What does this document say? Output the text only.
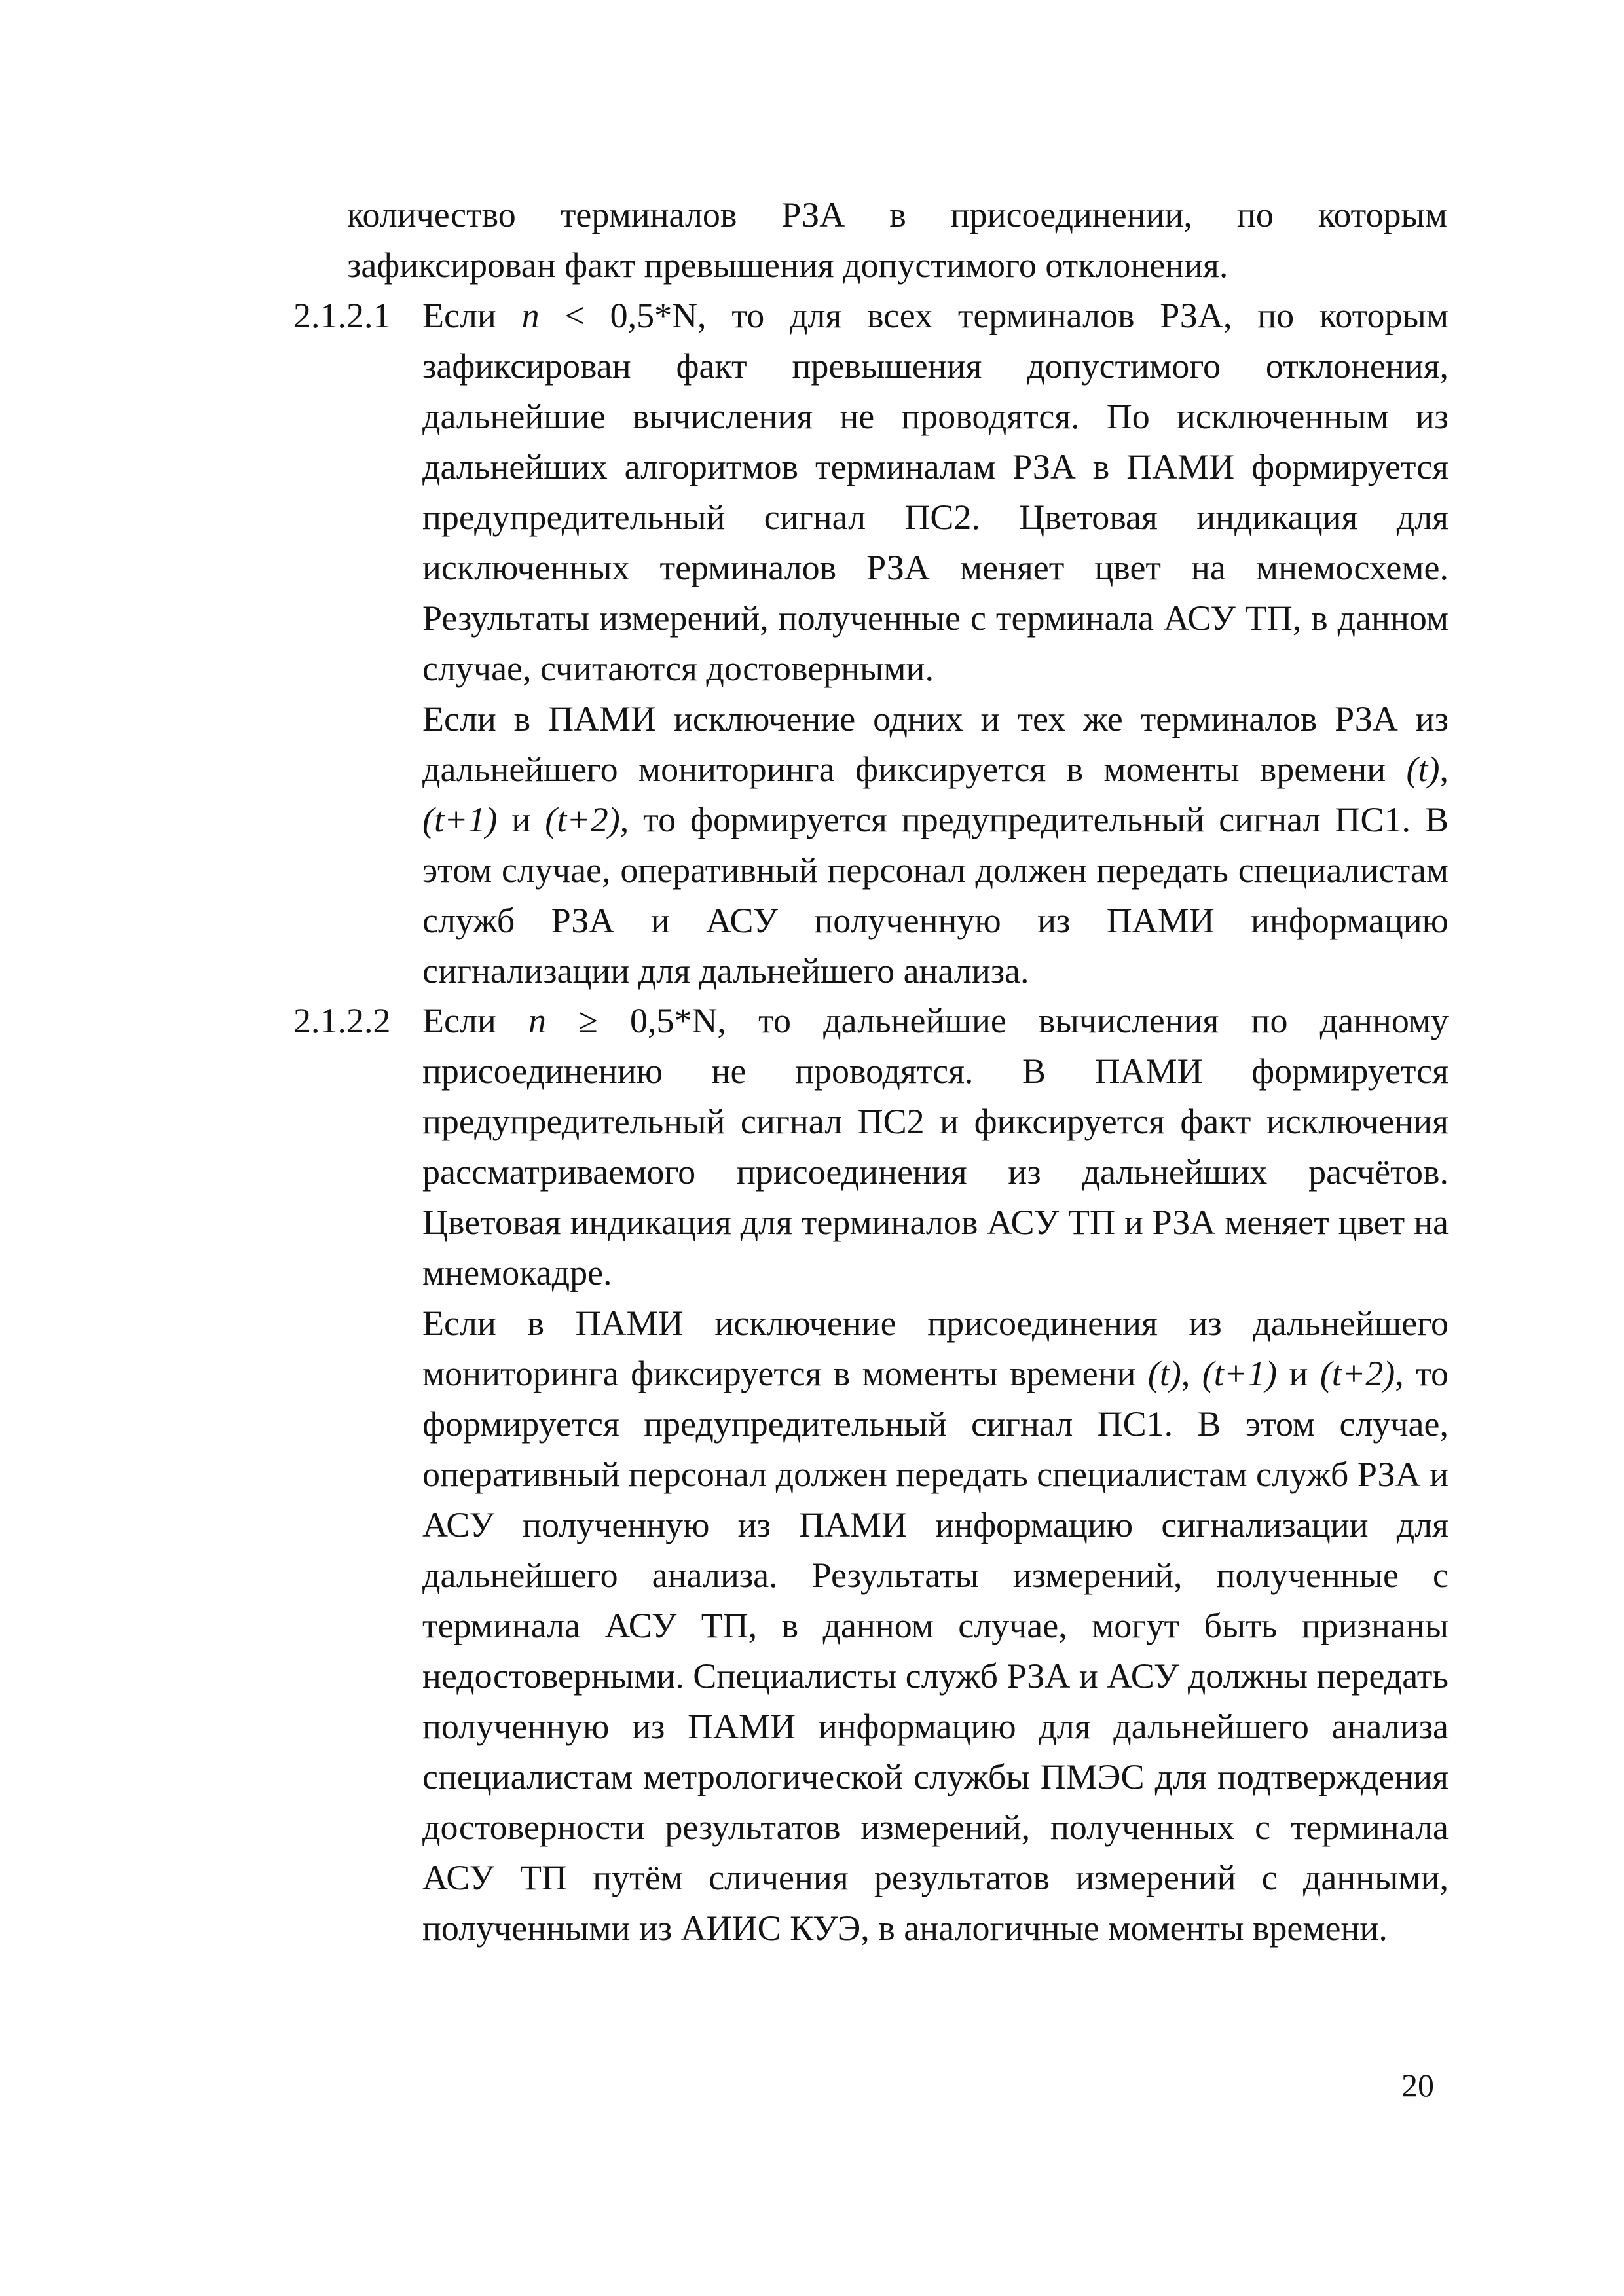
количество терминалов РЗА в присоединении, по которым зафиксирован факт превышения допустимого отклонения.
2.1.2.1 Если n < 0,5*N, то для всех терминалов РЗА, по которым зафиксирован факт превышения допустимого отклонения, дальнейшие вычисления не проводятся. По исключенным из дальнейших алгоритмов терминалам РЗА в ПАМИ формируется предупредительный сигнал ПС2. Цветовая индикация для исключенных терминалов РЗА меняет цвет на мнемосхеме. Результаты измерений, полученные с терминала АСУ ТП, в данном случае, считаются достоверными.

Если в ПАМИ исключение одних и тех же терминалов РЗА из дальнейшего мониторинга фиксируется в моменты времени (t), (t+1) и (t+2), то формируется предупредительный сигнал ПС1. В этом случае, оперативный персонал должен передать специалистам служб РЗА и АСУ полученную из ПАМИ информацию сигнализации для дальнейшего анализа.

2.1.2.2 Если n ≥ 0,5*N, то дальнейшие вычисления по данному присоединению не проводятся. В ПАМИ формируется предупредительный сигнал ПС2 и фиксируется факт исключения рассматриваемого присоединения из дальнейших расчётов. Цветовая индикация для терминалов АСУ ТП и РЗА меняет цвет на мнемокадре.

Если в ПАМИ исключение присоединения из дальнейшего мониторинга фиксируется в моменты времени (t), (t+1) и (t+2), то формируется предупредительный сигнал ПС1. В этом случае, оперативный персонал должен передать специалистам служб РЗА и АСУ полученную из ПАМИ информацию сигнализации для дальнейшего анализа. Результаты измерений, полученные с терминала АСУ ТП, в данном случае, могут быть признаны недостоверными. Специалисты служб РЗА и АСУ должны передать полученную из ПАМИ информацию для дальнейшего анализа специалистам метрологической службы ПМЭС для подтверждения достоверности результатов измерений, полученных с терминала АСУ ТП путём сличения результатов измерений с данными, полученными из АИИС КУЭ, в аналогичные моменты времени.

20
